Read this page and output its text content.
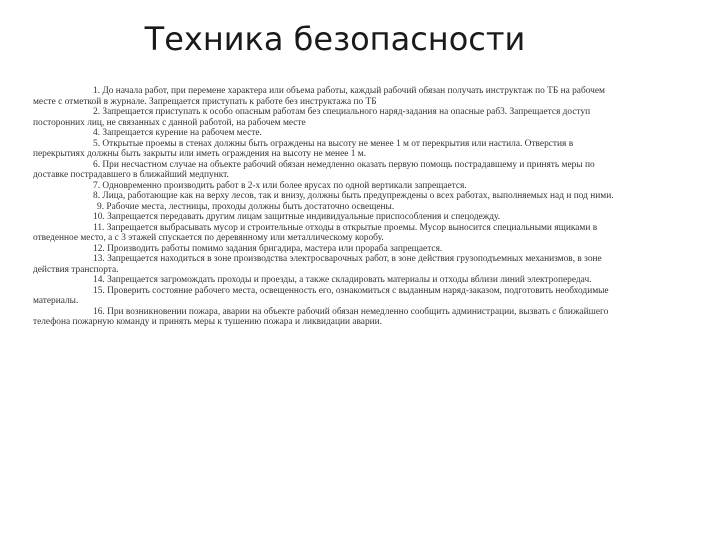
Техника безопасности

1. До начала работ, при перемене характера или объема работы, каждый рабочий обязан получать инструктаж по ТБ на рабочем месте с отметкой в журнале. Запрещается приступать к работе без инструктажа по ТБ

2. Запрещается приступать к особо опасным работам без специального наряд-задания на опасные раб3. Запрещается доступ посторонних лиц, не связанных с данной работой, на рабочем месте

4. Запрещается курение на рабочем месте.

5. Открытые проемы в стенах должны быть ограждены на высоту не менее 1 м от перекрытия или настила. Отверстия в перекрытиях должны быть закрыты или иметь ограждения на высоту не менее 1 м.

6. При несчастном случае на объекте рабочий обязан немедленно оказать первую помощь пострадавшему и принять меры по доставке пострадавшего в ближайший медпункт.

7. Одновременно производить работ в 2-х или более ярусах по одной вертикали запрещается.

8. Лица, работающие как на верху лесов, так и внизу, должны быть предупреждены о всех работах, выполняемых над и под ними.

9. Рабочие места, лестницы, проходы должны быть достаточно освещены.

10. Запрещается передавать другим лицам защитные индивидуальные приспособления и спецодежду.

11. Запрещается выбрасывать мусор и строительные отходы в открытые проемы. Мусор выносится специальными ящиками в отведенное место, а с 3 этажей спускается по деревянному или металлическому коробу.

12. Производить работы помимо задания бригадира, мастера или прораба запрещается.

13. Запрещается находиться в зоне производства электросварочных работ, в зоне действия грузоподъемных механизмов, в зоне действия транспорта.

14. Запрещается загромождать проходы и проезды, а также складировать материалы и отходы вблизи линий электропередач.

15. Проверить состояние рабочего места, освещенность его, ознакомиться с выданным наряд-заказом, подготовить необходимые материалы.

16. При возникновении пожара, аварии на объекте рабочий обязан немедленно сообщить администрации, вызвать с ближайшего телефона пожарную команду и принять меры к тушению пожара и ликвидации аварии.
